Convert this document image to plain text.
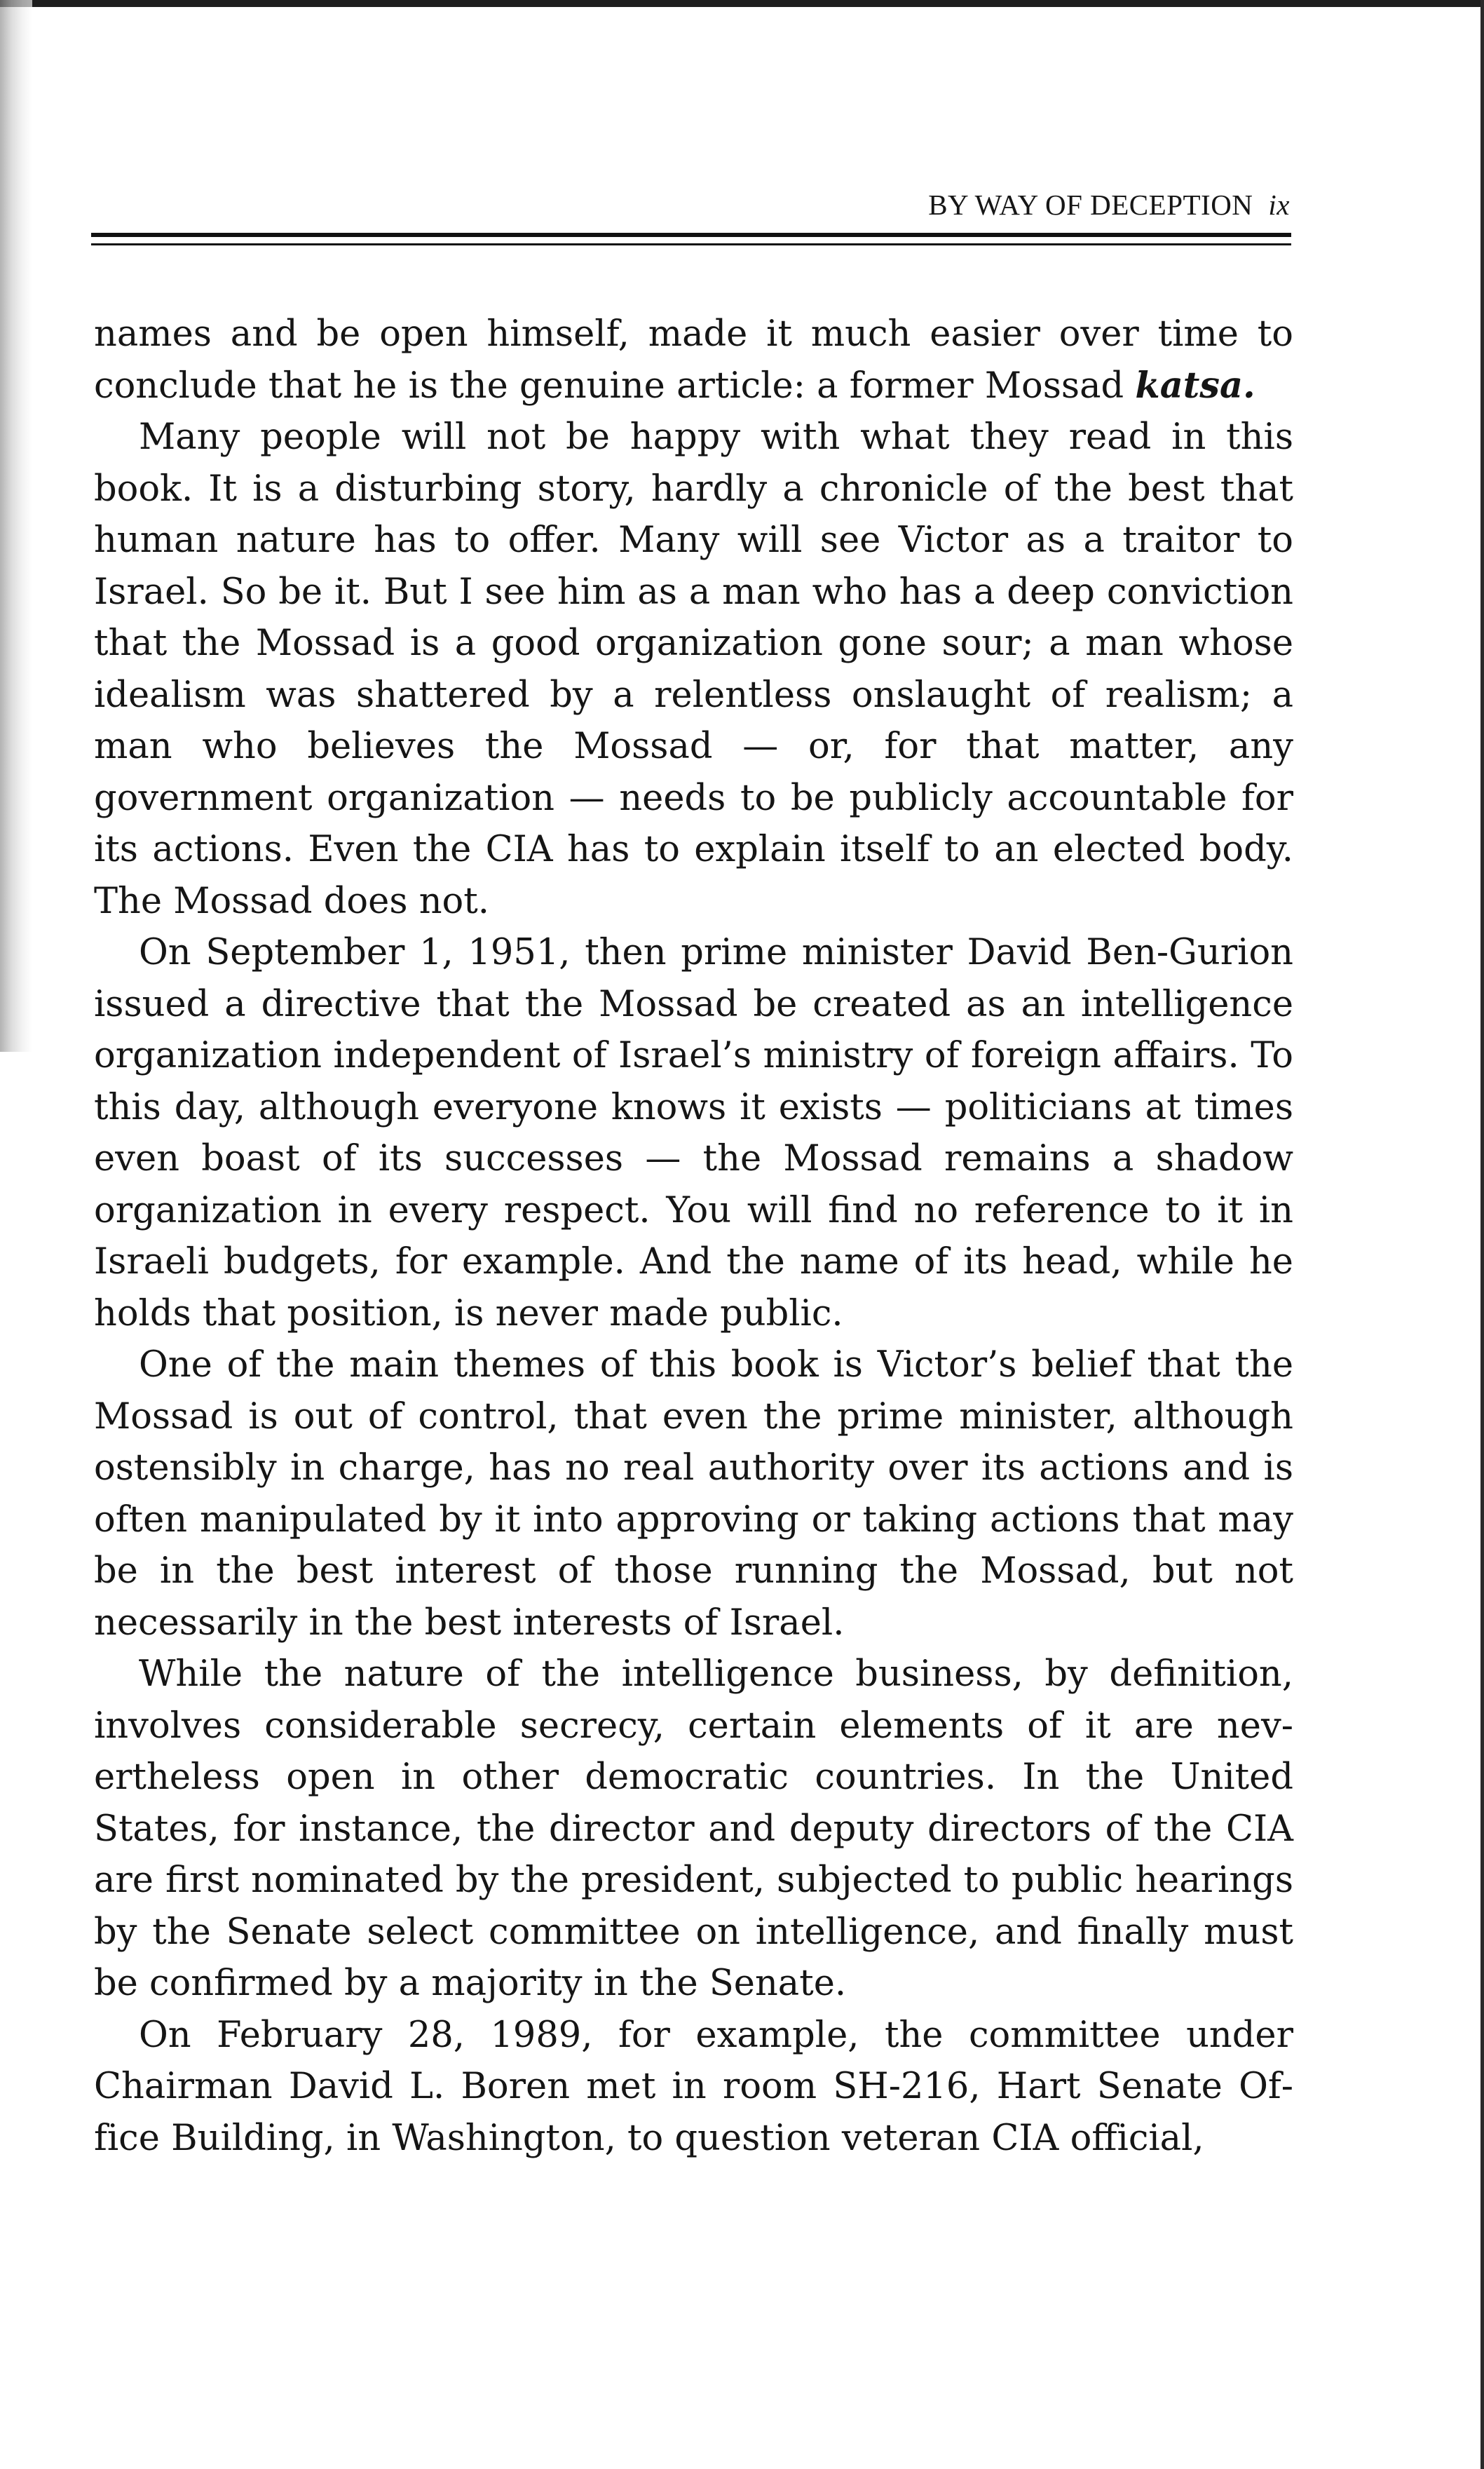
BY WAY OF DECEPTION ix

names and be open himself, made it much easier over time to conclude that he is the genuine article: a former Mossad katsa.

Many people will not be happy with what they read in this book. It is a disturbing story, hardly a chronicle of the best that human nature has to offer. Many will see Victor as a traitor to Israel. So be it. But I see him as a man who has a deep conviction that the Mossad is a good organization gone sour; a man whose idealism was shattered by a relentless onslaught of realism; a man who believes the Mossad — or, for that matter, any government organization — needs to be publicly accountable for its actions. Even the CIA has to explain itself to an elected body. The Mossad does not.

On September 1, 1951, then prime minister David Ben-Gurion issued a directive that the Mossad be created as an intelligence organization independent of Israel’s ministry of foreign affairs. To this day, although everyone knows it exists — politicians at times even boast of its successes — the Mossad remains a shadow organization in every respect. You will find no reference to it in Israeli budgets, for example. And the name of its head, while he holds that position, is never made public.

One of the main themes of this book is Victor’s belief that the Mossad is out of control, that even the prime minister, although ostensibly in charge, has no real authority over its actions and is often manipulated by it into approving or taking actions that may be in the best interest of those running the Mossad, but not necessarily in the best interests of Israel.

While the nature of the intelligence business, by definition, involves considerable secrecy, certain elements of it are nevertheless open in other democratic countries. In the United States, for instance, the director and deputy directors of the CIA are first nominated by the president, subjected to public hearings by the Senate select committee on intelligence, and finally must be confirmed by a majority in the Senate.

On February 28, 1989, for example, the committee under Chairman David L. Boren met in room SH-216, Hart Senate Office Building, in Washington, to question veteran CIA official,
